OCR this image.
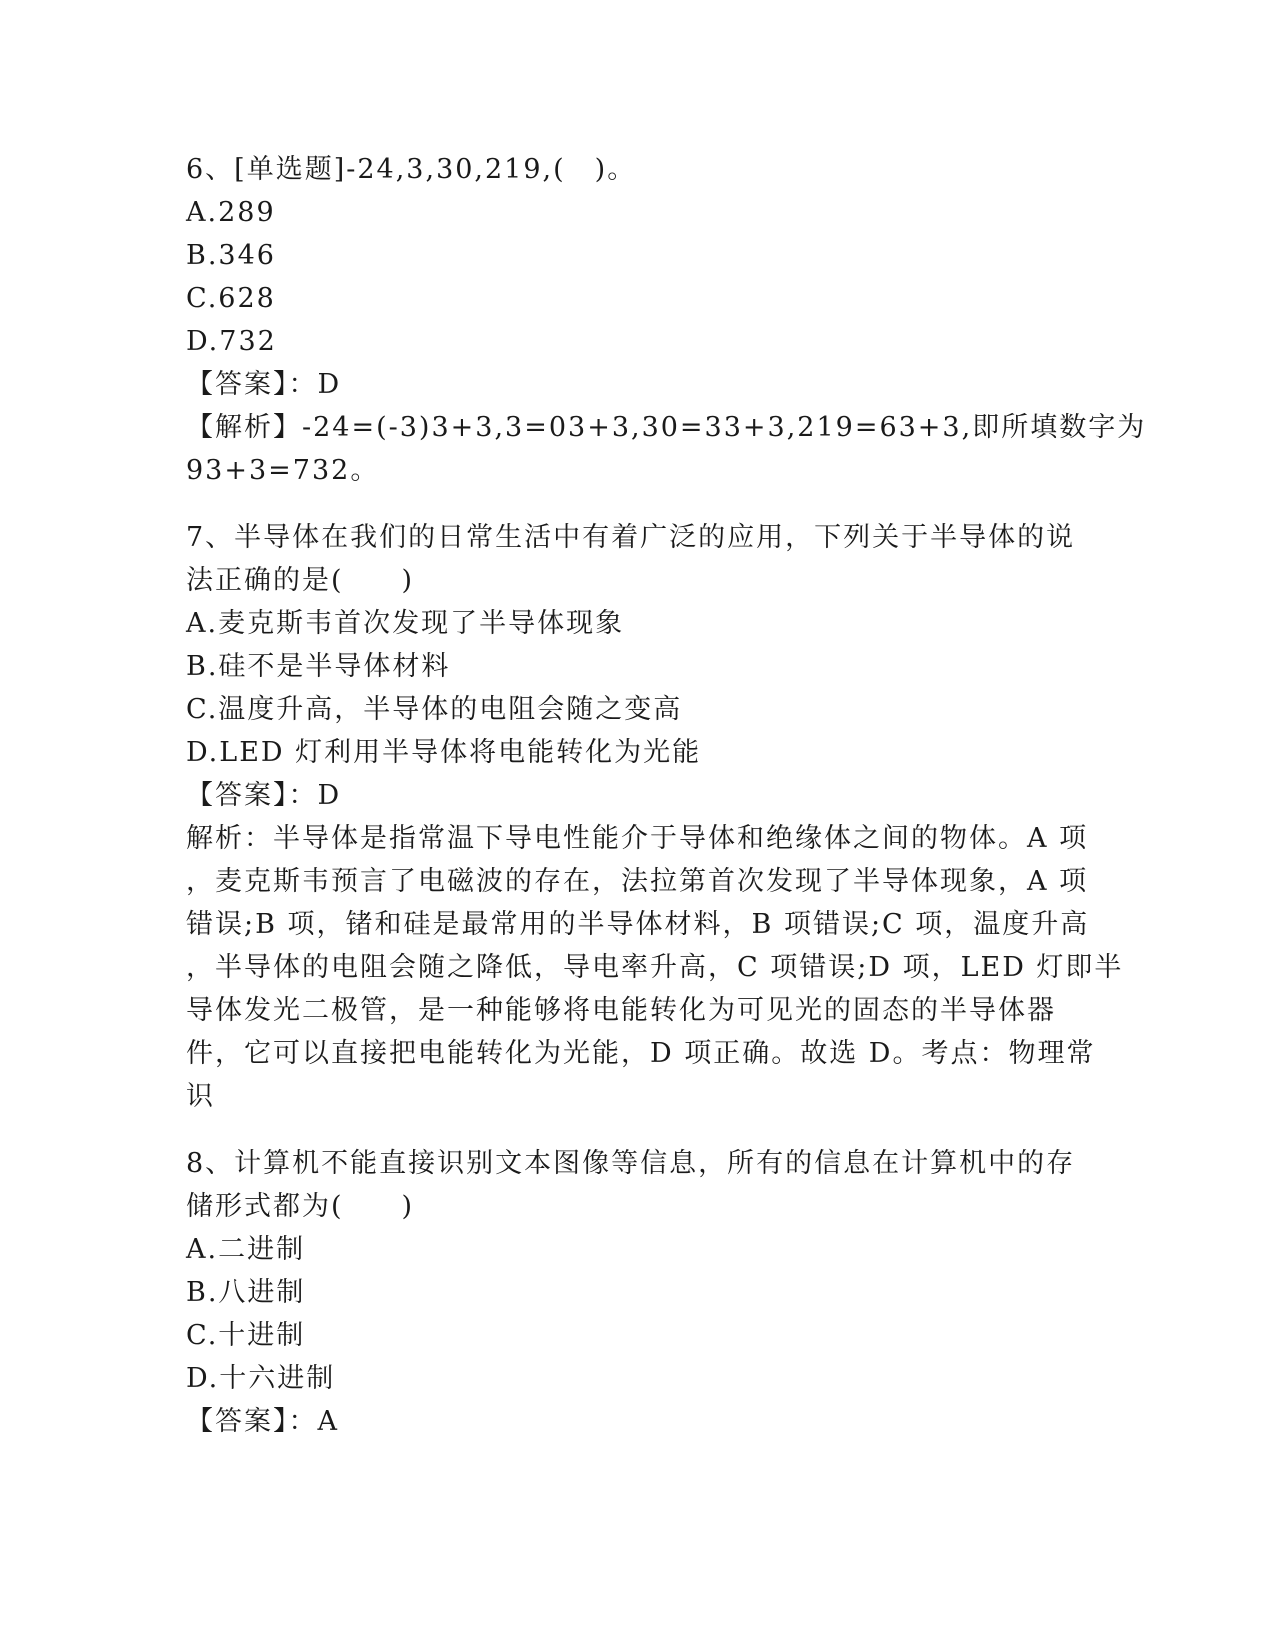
6、[单选题]-24,3,30,219,(　)。
A.289
B.346
C.628
D.732
【答案】：D
【解析】-24=(-3)3+3,3=03+3,30=33+3,219=63+3,即所填数字为
93+3=732。
7、半导体在我们的日常生活中有着广泛的应用，下列关于半导体的说
法正确的是(　　)
A.麦克斯韦首次发现了半导体现象
B.硅不是半导体材料
C.温度升高，半导体的电阻会随之变高
D.LED 灯利用半导体将电能转化为光能
【答案】：D
解析：半导体是指常温下导电性能介于导体和绝缘体之间的物体。A 项
，麦克斯韦预言了电磁波的存在，法拉第首次发现了半导体现象，A 项
错误;B 项，锗和硅是最常用的半导体材料，B 项错误;C 项，温度升高
，半导体的电阻会随之降低，导电率升高，C 项错误;D 项，LED 灯即半
导体发光二极管，是一种能够将电能转化为可见光的固态的半导体器
件，它可以直接把电能转化为光能，D 项正确。故选 D。考点：物理常
识
8、计算机不能直接识别文本图像等信息，所有的信息在计算机中的存
储形式都为(　　)
A.二进制
B.八进制
C.十进制
D.十六进制
【答案】：A
